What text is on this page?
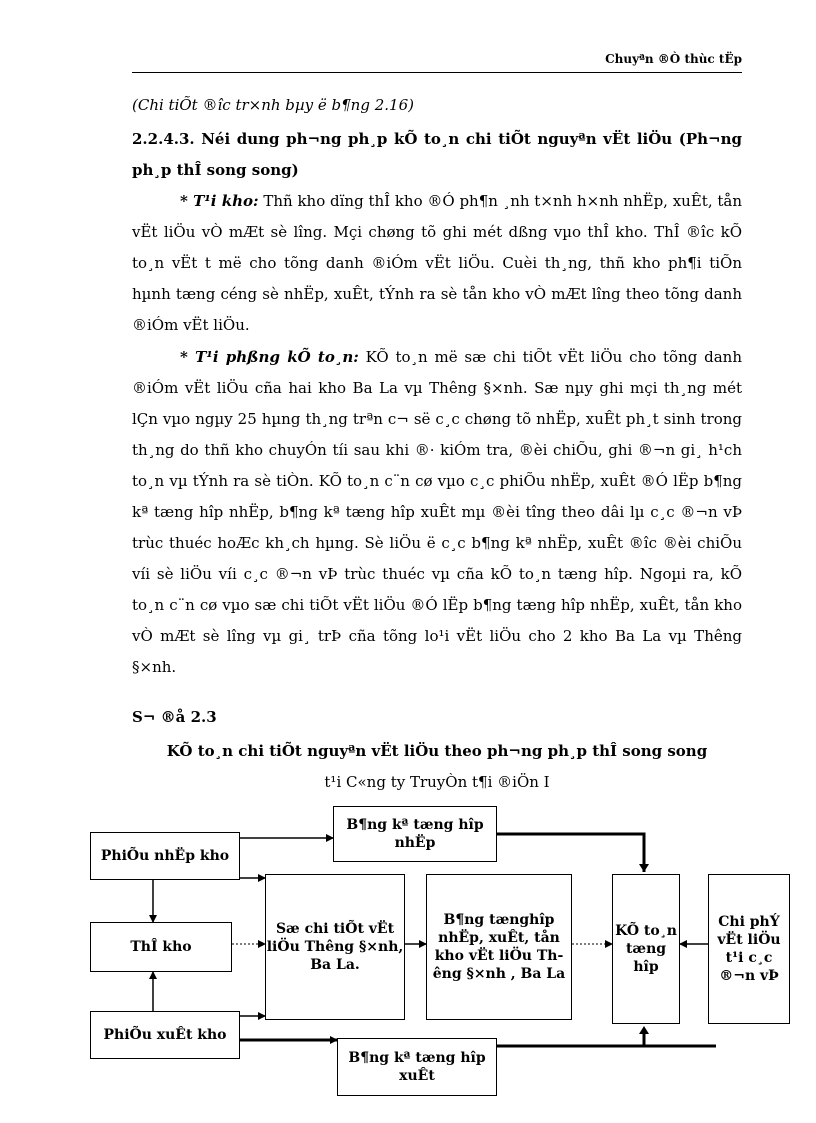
Chuyªn ®Ò thùc tËp
(Chi tiÕt ®îc tr×nh bµy ë b¶ng 2.16)
2.2.4.3. Néi dung ph¬ng ph¸p kÕ to¸n chi tiÕt nguyªn vËt liÖu (Ph¬ng ph¸p thÎ song song)
* T¹i kho: Thñ kho dïng thÎ kho ®Ó ph¶n ¸nh t×nh h×nh nhËp, xuÊt, tån vËt liÖu vÒ mÆt sè lîng. Mçi chøng tõ ghi mét dßng vµo thÎ kho. ThÎ ®îc kÕ to¸n vËt t më cho tõng danh ®iÓm vËt liÖu. Cuèi th¸ng, thñ kho ph¶i tiÕn hµnh tæng céng sè nhËp, xuÊt, tÝnh ra sè tån kho vÒ mÆt lîng theo tõng danh ®iÓm vËt liÖu.
* T¹i phßng kÕ to¸n: KÕ to¸n më sæ chi tiÕt vËt liÖu cho tõng danh ®iÓm vËt liÖu cña hai kho Ba La vµ Thêng §×nh. Sæ nµy ghi mçi th¸ng mét lÇn vµo ngµy 25 hµng th¸ng trªn c¬ së c¸c chøng tõ nhËp, xuÊt ph¸t sinh trong th¸ng do thñ kho chuyÓn tíi sau khi ®· kiÓm tra, ®èi chiÕu, ghi ®¬n gi¸ h¹ch to¸n vµ tÝnh ra sè tiÒn. KÕ to¸n c¨n cø vµo c¸c phiÕu nhËp, xuÊt ®Ó lËp b¶ng kª tæng hîp nhËp, b¶ng kª tæng hîp xuÊt mµ ®èi tîng theo dâi lµ c¸c ®¬n vÞ trùc thuéc hoÆc kh¸ch hµng. Sè liÖu ë c¸c b¶ng kª nhËp, xuÊt ®îc ®èi chiÕu víi sè liÖu víi c¸c ®¬n vÞ trùc thuéc vµ cña kÕ to¸n tæng hîp. Ngoµi ra, kÕ to¸n c¨n cø vµo sæ chi tiÕt vËt liÖu ®Ó lËp b¶ng tæng hîp nhËp, xuÊt, tån kho vÒ mÆt sè lîng vµ gi¸ trÞ cña tõng lo¹i vËt liÖu cho 2 kho Ba La vµ Thêng §×nh.
S¬ ®å 2.3
KÕ to¸n chi tiÕt nguyªn vËt liÖu theo ph¬ng ph¸p thÎ song song
t¹i C«ng ty TruyÒn t¶i ®iÖn I
PhiÕu nhËp kho
B¶ng kª tæng hîp nhËp
ThÎ kho
Sæ chi tiÕt vËt liÖu Thêng §×nh, Ba La.
B¶ng tænghîp nhËp, xuÊt, tån kho vËt liÖu Thêng §×nh , Ba La
KÕ to¸n tæng hîp
Chi phÝ vËt liÖu t¹i c¸c ®¬n vÞ
PhiÕu xuÊt kho
B¶ng kª tæng hîp xuÊt
